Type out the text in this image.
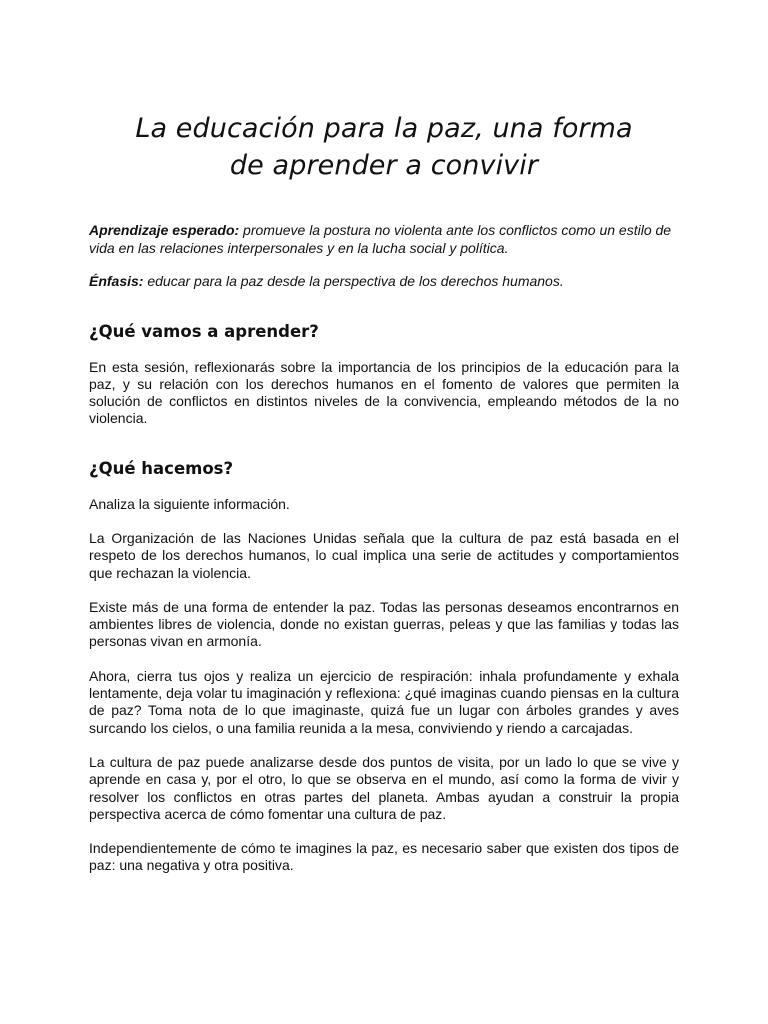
La educación para la paz, una forma
de aprender a convivir

Aprendizaje esperado: promueve la postura no violenta ante los conflictos como un estilo de vida en las relaciones interpersonales y en la lucha social y política.

Énfasis: educar para la paz desde la perspectiva de los derechos humanos.

¿Qué vamos a aprender?

En esta sesión, reflexionarás sobre la importancia de los principios de la educación para la paz, y su relación con los derechos humanos en el fomento de valores que permiten la solución de conflictos en distintos niveles de la convivencia, empleando métodos de la no violencia.

¿Qué hacemos?

Analiza la siguiente información.

La Organización de las Naciones Unidas señala que la cultura de paz está basada en el respeto de los derechos humanos, lo cual implica una serie de actitudes y comportamientos que rechazan la violencia.

Existe más de una forma de entender la paz. Todas las personas deseamos encontrarnos en ambientes libres de violencia, donde no existan guerras, peleas y que las familias y todas las personas vivan en armonía.

Ahora, cierra tus ojos y realiza un ejercicio de respiración: inhala profundamente y exhala lentamente, deja volar tu imaginación y reflexiona: ¿qué imaginas cuando piensas en la cultura de paz? Toma nota de lo que imaginaste, quizá fue un lugar con árboles grandes y aves surcando los cielos, o una familia reunida a la mesa, conviviendo y riendo a carcajadas.

La cultura de paz puede analizarse desde dos puntos de visita, por un lado lo que se vive y aprende en casa y, por el otro, lo que se observa en el mundo, así como la forma de vivir y resolver los conflictos en otras partes del planeta. Ambas ayudan a construir la propia perspectiva acerca de cómo fomentar una cultura de paz.

Independientemente de cómo te imagines la paz, es necesario saber que existen dos tipos de paz: una negativa y otra positiva.
